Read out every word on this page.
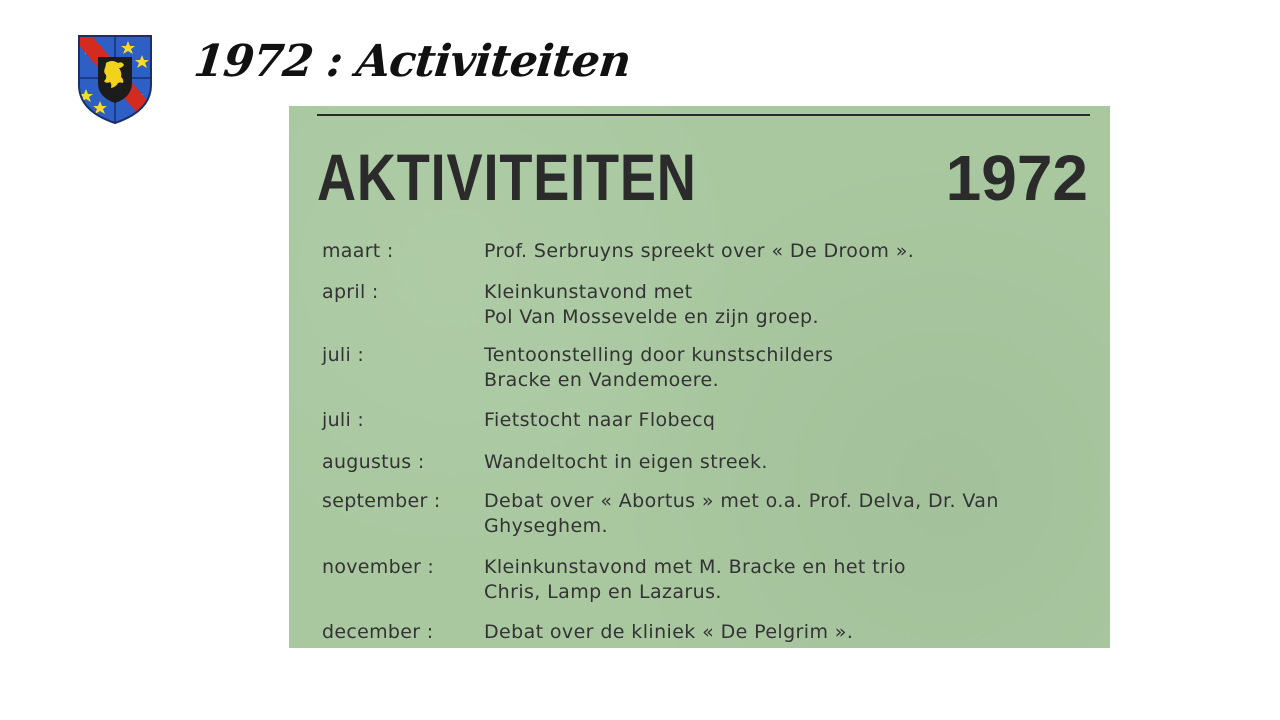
1972 : Activiteiten
AKTIVITEITEN	1972
maart :	Prof. Serbruyns spreekt over « De Droom ».
april :	Kleinkunstavond met
Pol Van Mossevelde en zijn groep.
juli :	Tentoonstelling door kunstschilders
Bracke en Vandemoere.
juli :	Fietstocht naar Flobecq
augustus :	Wandeltocht in eigen streek.
september : Debat over « Abortus » met o.a. Prof. Delva, Dr. Van
Ghyseghem.
november :	Kleinkunstavond met M. Bracke en het trio
Chris, Lamp en Lazarus.
december :	Debat over de kliniek « De Pelgrim ».
